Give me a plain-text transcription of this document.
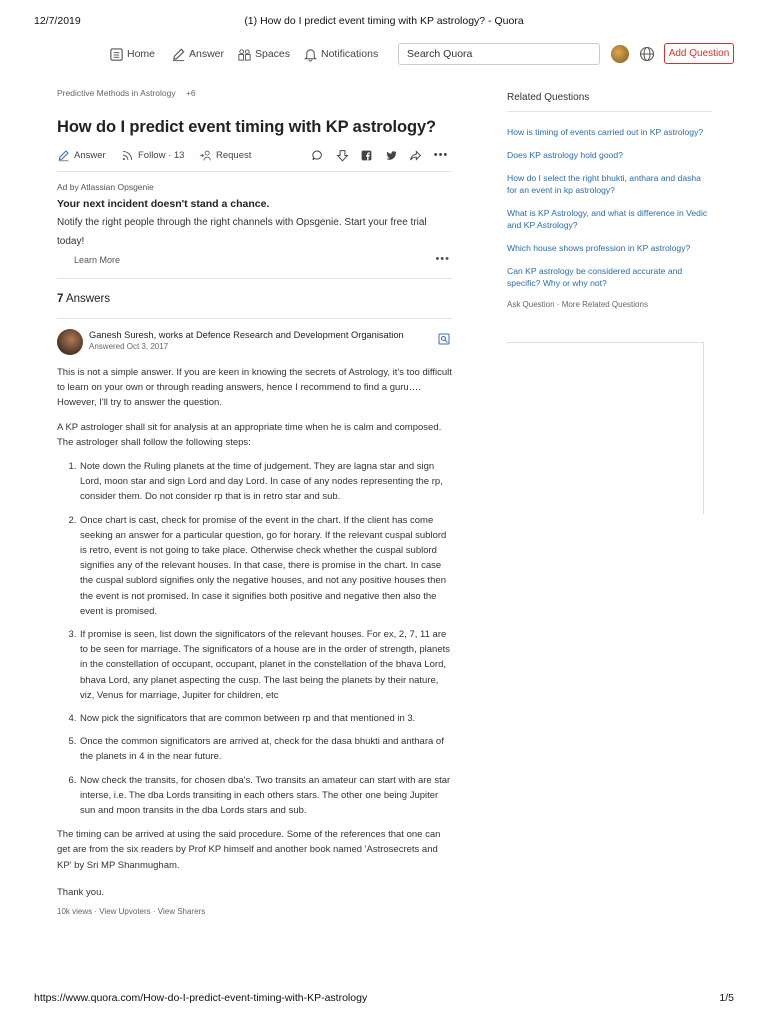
12/7/2019	(1) How do I predict event timing with KP astrology? - Quora
Home	Answer	Spaces	Notifications	Search Quora	Add Question
Predictive Methods in Astrology +6
How do I predict event timing with KP astrology?
Answer	Follow · 13	Request	•••
Ad by Atlassian Opsgenie
Your next incident doesn't stand a chance.
Notify the right people through the right channels with Opsgenie. Start your free trial today!
Learn More	•••
7 Answers
Ganesh Suresh, works at Defence Research and Development Organisation
Answered Oct 3, 2017

This is not a simple answer. If you are keen in knowing the secrets of Astrology, it's too difficult to learn on your own or through reading answers, hence I recommend to find a guru…. However, I'll try to answer the question.

A KP astrologer shall sit for analysis at an appropriate time when he is calm and composed. The astrologer shall follow the following steps:

1. Note down the Ruling planets at the time of judgement. They are lagna star and sign Lord, moon star and sign Lord and day Lord. In case of any nodes representing the rp, consider them. Do not consider rp that is in retro star and sub.
2. Once chart is cast, check for promise of the event in the chart. If the client has come seeking an answer for a particular question, go for horary. If the relevant cuspal sublord is retro, event is not going to take place. Otherwise check whether the cuspal sublord signifies any of the relevant houses. In that case, there is promise in the chart. In case the cuspal sublord signifies only the negative houses, and not any positive houses then the event is not promised. In case it signifies both positive and negative then also the event is promised.
3. If promise is seen, list down the significators of the relevant houses. For ex, 2, 7, 11 are to be seen for marriage. The significators of a house are in the order of strength, planets in the constellation of occupant, occupant, planet in the constellation of the bhava Lord, bhava Lord, any planet aspecting the cusp. The last being the planets by their nature, viz, Venus for marriage, Jupiter for children, etc
4. Now pick the significators that are common between rp and that mentioned in 3.
5. Once the common significators are arrived at, check for the dasa bhukti and anthara of the planets in 4 in the near future.
6. Now check the transits, for chosen dba's. Two transits an amateur can start with are star interse, i.e. The dba Lords transiting in each others stars. The other one being Jupiter sun and moon transits in the dba Lords stars and sub.

The timing can be arrived at using the said procedure. Some of the references that one can get are from the six readers by Prof KP himself and another book named 'Astrosecrets and KP' by Sri MP Shanmugham.

Thank you.

10k views · View Upvoters · View Sharers
Related Questions
How is timing of events carried out in KP astrology?
Does KP astrology hold good?
How do I select the right bhukti, anthara and dasha for an event in kp astrology?
What is KP Astrology, and what is difference in Vedic and KP Astrology?
Which house shows profession in KP astrology?
Can KP astrology be considered accurate and specific? Why or why not?
Ask Question · More Related Questions
https://www.quora.com/How-do-I-predict-event-timing-with-KP-astrology	1/5
